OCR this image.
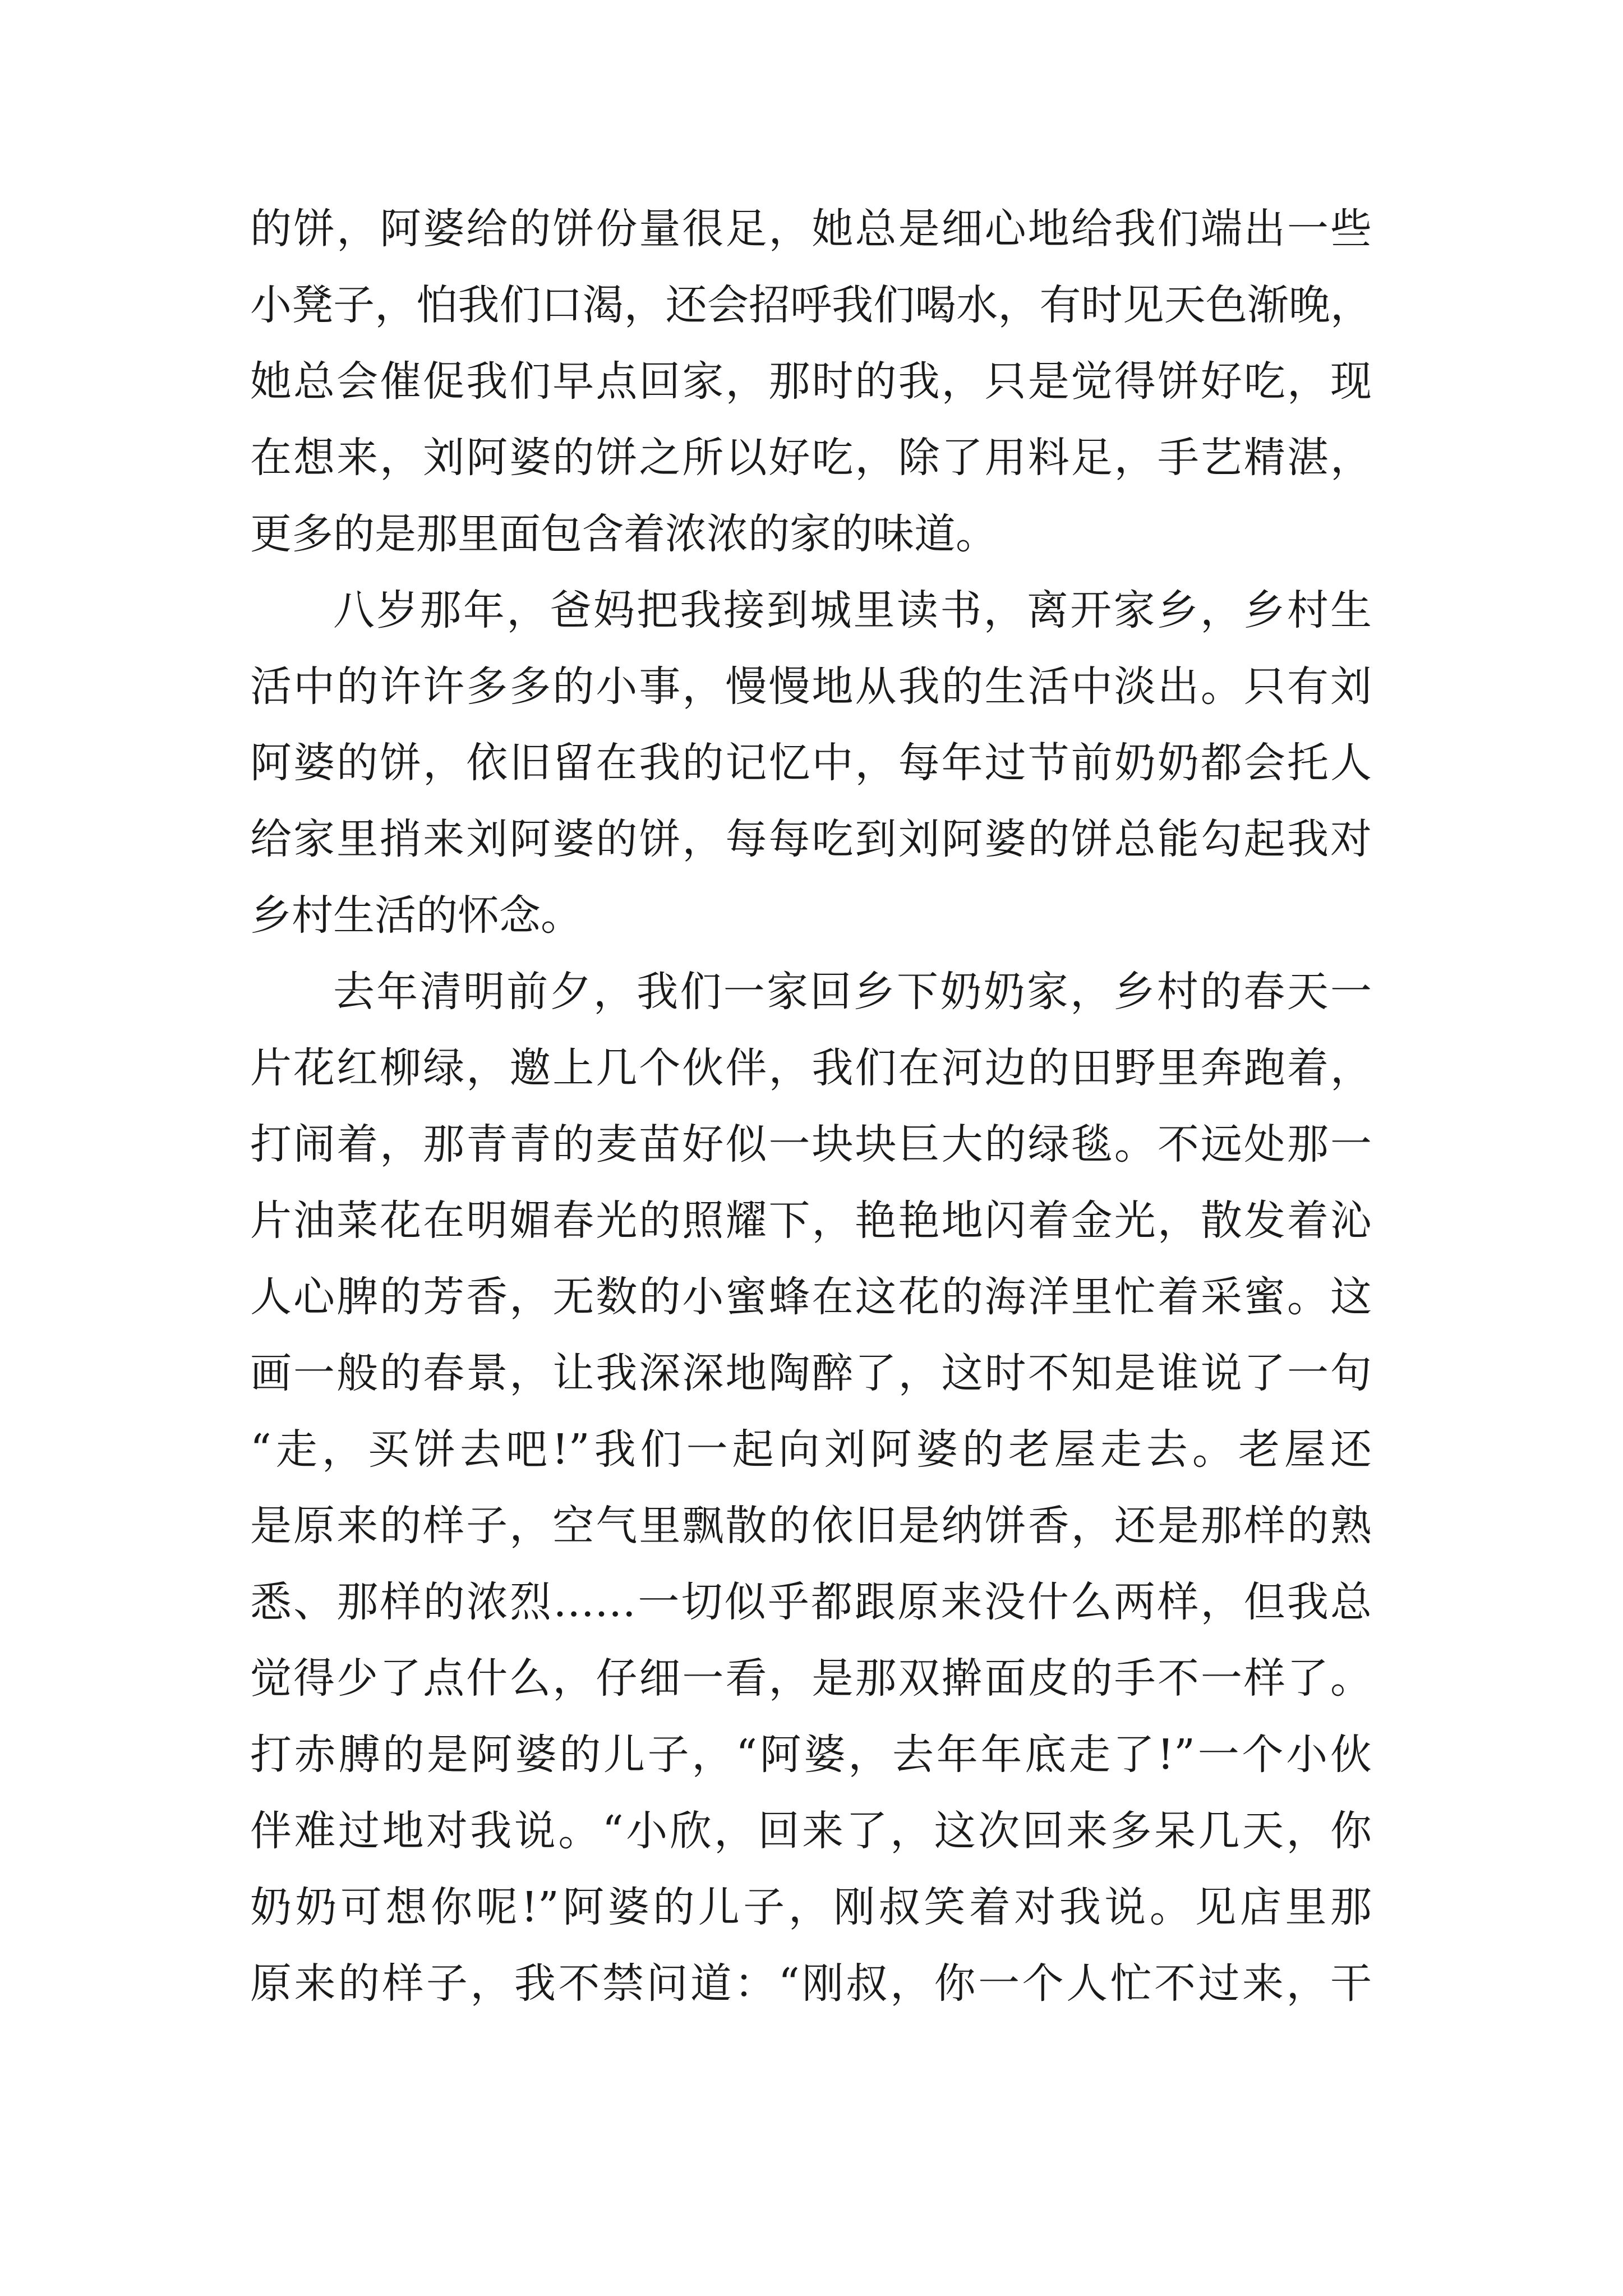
的饼，阿婆给的饼份量很足，她总是细心地给我们端出一些
小凳子，怕我们口渴，还会招呼我们喝水，有时见天色渐晚，
她总会催促我们早点回家，那时的我，只是觉得饼好吃，现
在想来，刘阿婆的饼之所以好吃，除了用料足，手艺精湛，
更多的是那里面包含着浓浓的家的味道。
八岁那年，爸妈把我接到城里读书，离开家乡，乡村生
活中的许许多多的小事，慢慢地从我的生活中淡出。只有刘
阿婆的饼，依旧留在我的记忆中，每年过节前奶奶都会托人
给家里捎来刘阿婆的饼，每每吃到刘阿婆的饼总能勾起我对
乡村生活的怀念。
去年清明前夕，我们一家回乡下奶奶家，乡村的春天一
片花红柳绿，邀上几个伙伴，我们在河边的田野里奔跑着，
打闹着，那青青的麦苗好似一块块巨大的绿毯。不远处那一
片油菜花在明媚春光的照耀下，艳艳地闪着金光，散发着沁
人心脾的芳香，无数的小蜜蜂在这花的海洋里忙着采蜜。这
画一般的春景，让我深深地陶醉了，这时不知是谁说了一句
“走，买饼去吧!”我们一起向刘阿婆的老屋走去。老屋还
是原来的样子，空气里飘散的依旧是纳饼香，还是那样的熟
悉、那样的浓烈……一切似乎都跟原来没什么两样，但我总
觉得少了点什么，仔细一看，是那双擀面皮的手不一样了。
打赤膊的是阿婆的儿子，“阿婆，去年年底走了!”一个小伙
伴难过地对我说。“小欣，回来了，这次回来多呆几天，你
奶奶可想你呢!”阿婆的儿子，刚叔笑着对我说。见店里那
原来的样子，我不禁问道：“刚叔，你一个人忙不过来，干
